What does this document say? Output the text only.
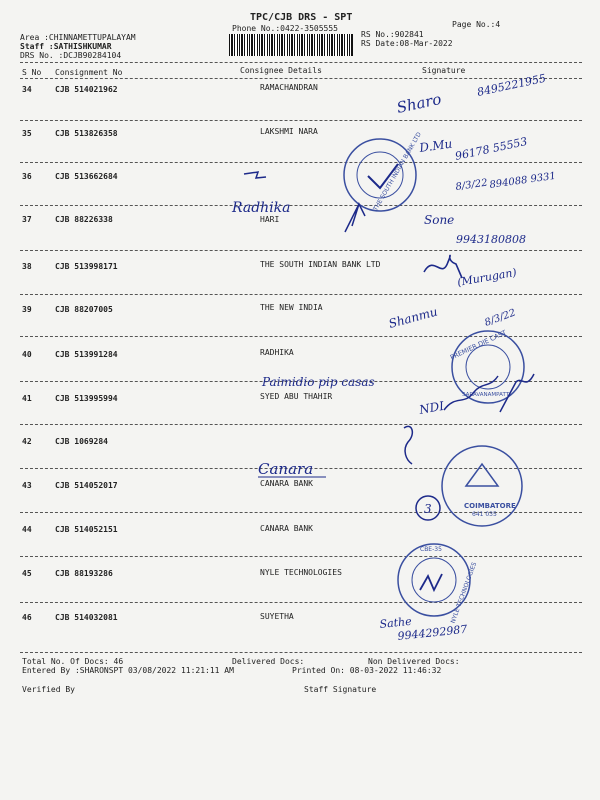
TPC/CJB DRS - SPT
Phone No.:0422-3505555	Page No.:4
Area :CHINNAMETTUPALAYAM
Staff :SATHISHKUMAR
DRS No. :DCJB90284104
RS No.:902841
RS Date:08-Mar-2022
S No Consignment No	Consignee Details	Signature
34	CJB 514021962	RAMACHANDRAN
35	CJB 513826358	LAKSHMI NARA
36	CJB 513662684
37	CJB 88226338	HARI
38	CJB 513998171	THE SOUTH INDIAN BANK LTD
39	CJB 88207005	THE NEW INDIA
40	CJB 513991284	RADHIKA
41	CJB 513995994	SYED ABU THAHIR
42	CJB 1069284
43	CJB 514052017	CANARA BANK
44	CJB 514052151	CANARA BANK
45	CJB 88193286	NYLE TECHNOLOGIES
46	CJB 514032081	SUYETHA
Total No. Of Docs: 46	Delivered Docs:	Non Delivered Docs:
Entered By :SHARONSPT 03/08/2022 11:21:11 AM	Printed On: 08-03-2022 11:46:32
Verified By	Staff Signature
Sharo
8495221955
D.Mu 96178 55553
8/3/22 894088 9331
THE SOUTH INDIAN BANK LTD
Radhika
Sone
9943180808
(Murugan)
Shanmu	8/3/22
PREMIER DIE CAST
SARAVANAMPATTI
Paimidio pip casas
NDI
Canara
3	COIMBATORE
641 035
NYLE TECHNOLOGIES
CBE-35
Sathe
9944292987
